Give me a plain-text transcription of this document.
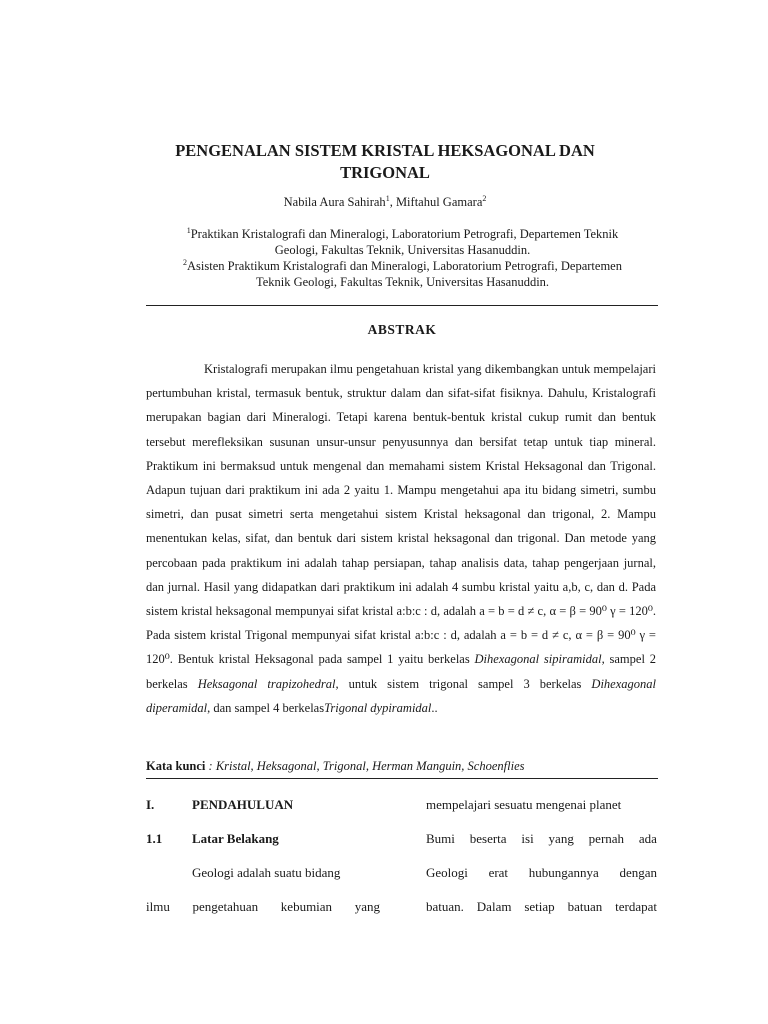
PENGENALAN SISTEM KRISTAL HEKSAGONAL DAN
TRIGONAL
Nabila Aura Sahirah$^1$, Miftahul Gamara$^2$
$^1$Praktikan Kristalografi dan Mineralogi, Laboratorium Petrografi, Departemen Teknik
Geologi, Fakultas Teknik, Universitas Hasanuddin.
$^2$Asisten Praktikum Kristalografi dan Mineralogi, Laboratorium Petrografi, Departemen
Teknik Geologi, Fakultas Teknik, Universitas Hasanuddin.
ABSTRAK

Kristalografi merupakan ilmu pengetahuan kristal yang dikembangkan untuk mempelajari pertumbuhan kristal, termasuk bentuk, struktur dalam dan sifat-sifat fisiknya. Dahulu, Kristalografi merupakan bagian dari Mineralogi. Tetapi karena bentuk-bentuk kristal cukup rumit dan bentuk tersebut merefleksikan susunan unsur-unsur penyusunnya dan bersifat tetap untuk tiap mineral. Praktikum ini bermaksud untuk mengenal dan memahami sistem Kristal Heksagonal dan Trigonal. Adapun tujuan dari praktikum ini ada 2 yaitu 1. Mampu mengetahui apa itu bidang simetri, sumbu simetri, dan pusat simetri serta mengetahui sistem Kristal heksagonal dan trigonal, 2. Mampu menentukan kelas, sifat, dan bentuk dari sistem kristal heksagonal dan trigonal. Dan metode yang percobaan pada praktikum ini adalah tahap persiapan, tahap analisis data, tahap pengerjaan jurnal, dan jurnal. Hasil yang didapatkan dari praktikum ini adalah 4 sumbu kristal yaitu a,b, c, dan d. Pada sistem kristal heksagonal mempunyai sifat kristal a:b:c : d, adalah a = b = d ≠ c, α = β = 90⁰ γ = 120⁰. Pada sistem kristal Trigonal mempunyai sifat kristal a:b:c : d, adalah a = b = d ≠ c, α = β = 90⁰ γ = 120⁰. Bentuk kristal Heksagonal pada sampel 1 yaitu berkelas Dihexagonal sipiramidal, sampel 2 berkelas Heksagonal trapizohedral, untuk sistem trigonal sampel 3 berkelas Dihexagonal diperamidal, dan sampel 4 berkelasTrigonal dypiramidal..

Kata kunci : Kristal, Heksagonal, Trigonal, Herman Manguin, Schoenflies
I.	PENDAHULUAN
1.1 Latar Belakang
Geologi adalah suatu bidang
ilmu pengetahuan kebumian yang
mempelajari sesuatu mengenai planet
Bumi beserta isi yang pernah ada
Geologi erat hubungannya dengan
batuan. Dalam setiap batuan terdapat
